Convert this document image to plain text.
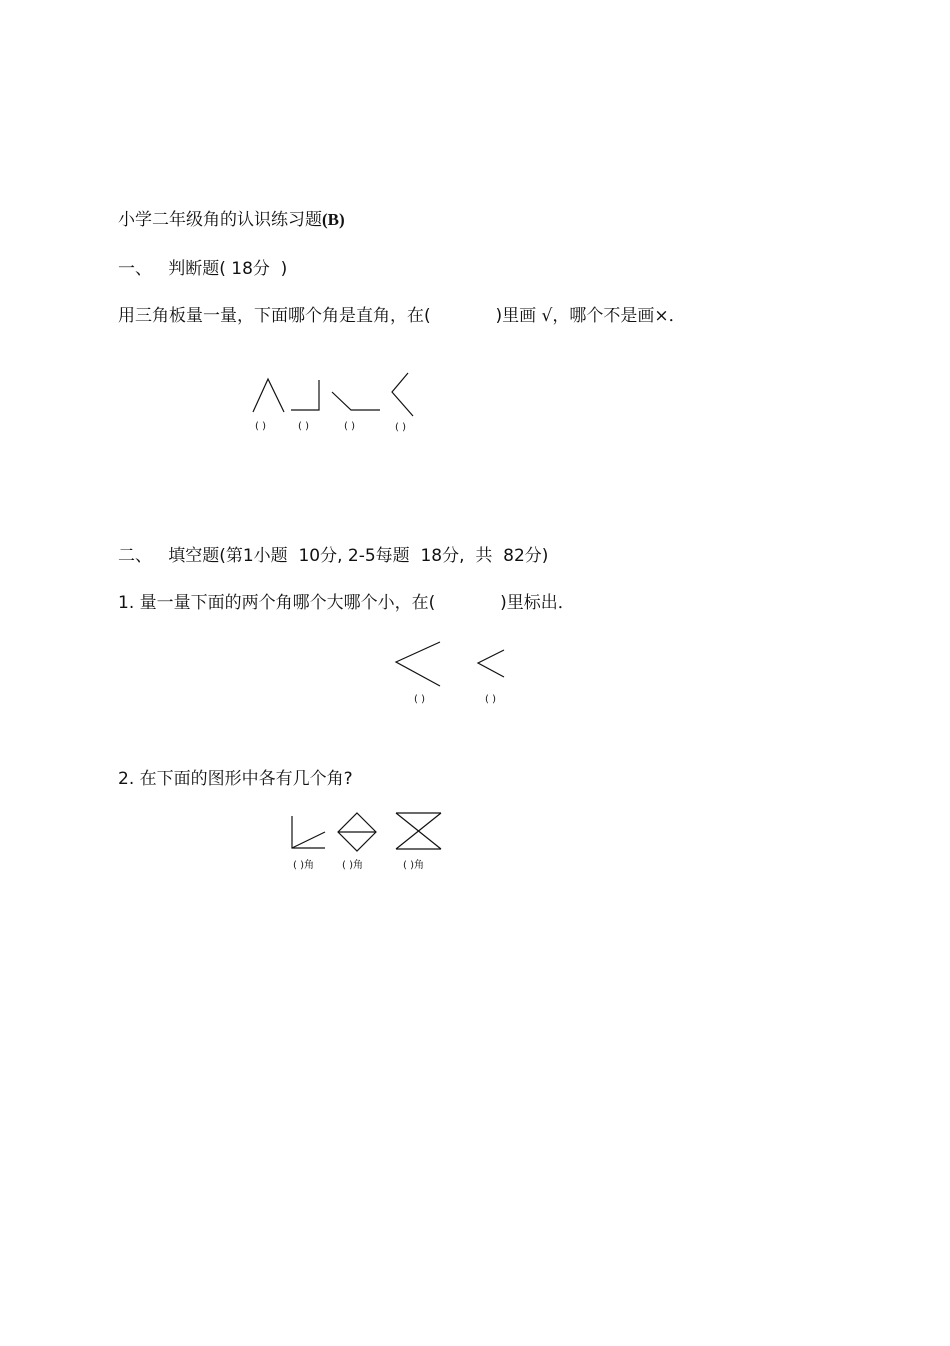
小学二年级角的认识练习题(B)
一、   判断题( 18分  )
用三角板量一量，下面哪个角是直角，在(            )里画 √，哪个不是画×．
( )	( )	( )	( )
二、   填空题(第1小题  10分, 2-5每题  18分,  共  82分)
1. 量一量下面的两个角哪个大哪个小，在(            )里标出．
( )	( )
2. 在下面的图形中各有几个角?
( )角	( )角	( )角
